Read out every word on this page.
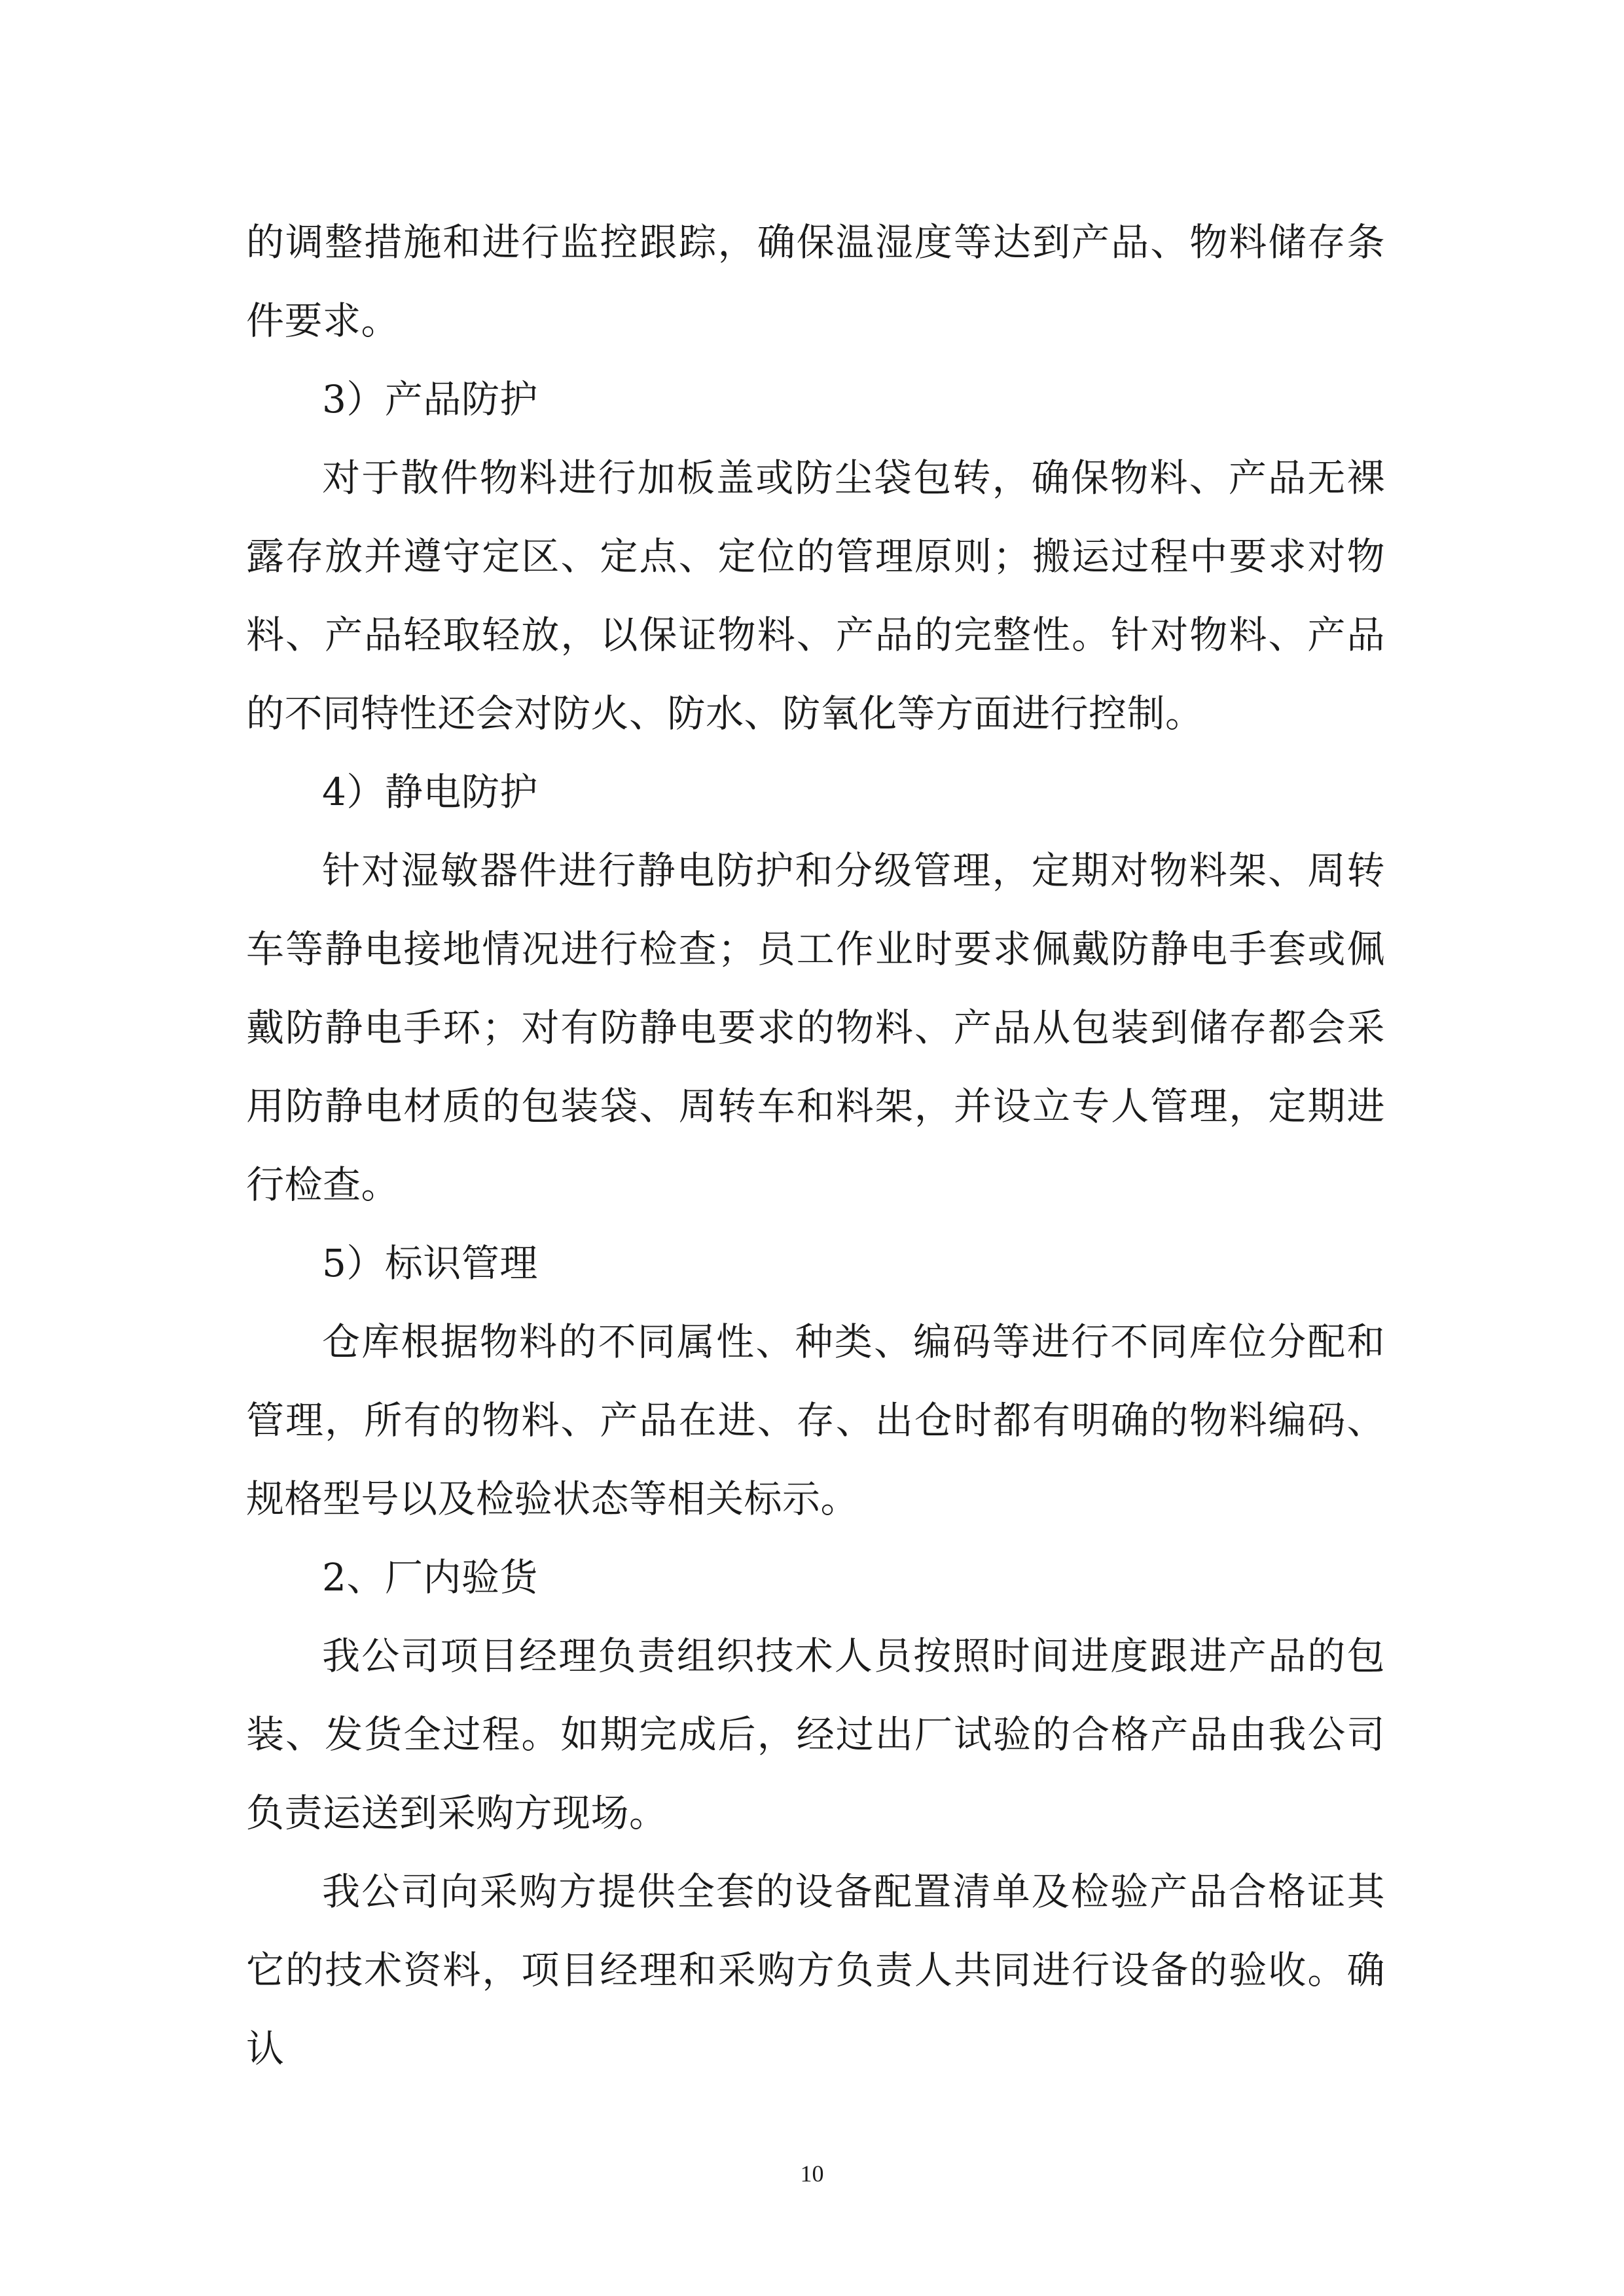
的调整措施和进行监控跟踪，确保温湿度等达到产品、物料储存条件要求。

3）产品防护

对于散件物料进行加板盖或防尘袋包转，确保物料、产品无裸露存放并遵守定区、定点、定位的管理原则；搬运过程中要求对物料、产品轻取轻放，以保证物料、产品的完整性。针对物料、产品的不同特性还会对防火、防水、防氧化等方面进行控制。

4）静电防护

针对湿敏器件进行静电防护和分级管理，定期对物料架、周转车等静电接地情况进行检查；员工作业时要求佩戴防静电手套或佩戴防静电手环；对有防静电要求的物料、产品从包装到储存都会采用防静电材质的包装袋、周转车和料架，并设立专人管理，定期进行检查。

5）标识管理

仓库根据物料的不同属性、种类、编码等进行不同库位分配和管理，所有的物料、产品在进、存、出仓时都有明确的物料编码、规格型号以及检验状态等相关标示。

2、厂内验货

我公司项目经理负责组织技术人员按照时间进度跟进产品的包装、发货全过程。如期完成后，经过出厂试验的合格产品由我公司负责运送到采购方现场。

我公司向采购方提供全套的设备配置清单及检验产品合格证其它的技术资料，项目经理和采购方负责人共同进行设备的验收。确认

10
